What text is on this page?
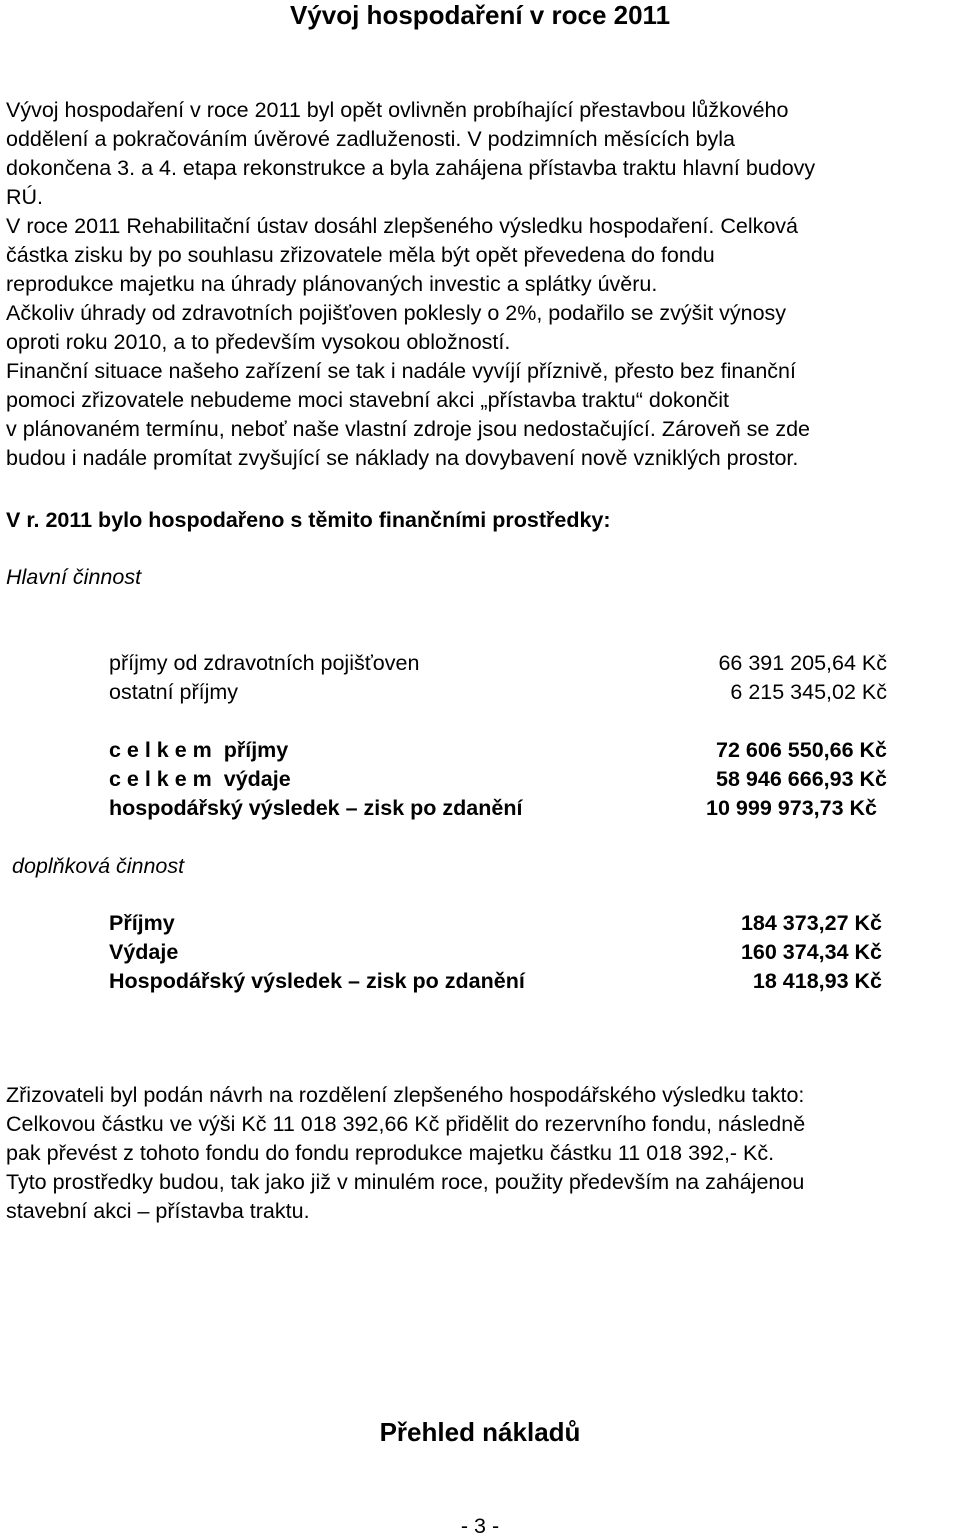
Vývoj hospodaření v roce 2011
Vývoj hospodaření v roce 2011 byl opět ovlivněn probíhající přestavbou lůžkového
oddělení a pokračováním úvěrové zadluženosti. V podzimních měsících byla
dokončena 3. a 4. etapa rekonstrukce a byla zahájena přístavba traktu hlavní budovy
RÚ.
V roce 2011 Rehabilitační ústav dosáhl zlepšeného výsledku hospodaření. Celková
částka zisku by po souhlasu zřizovatele měla být opět převedena do fondu
reprodukce majetku na úhrady plánovaných investic a splátky úvěru.
Ačkoliv úhrady od zdravotních pojišťoven poklesly o 2%, podařilo se zvýšit výnosy
oproti roku 2010, a to především vysokou obložností.
Finanční situace našeho zařízení se tak i nadále vyvíjí příznivě, přesto bez finanční
pomoci zřizovatele nebudeme moci stavební akci „přístavba traktu“ dokončit
v plánovaném termínu, neboť naše vlastní zdroje jsou nedostačující. Zároveň se zde
budou i nadále promítat zvyšující se náklady na dovybavení nově vzniklých prostor.
V r. 2011 bylo hospodařeno s těmito finančními prostředky:
Hlavní činnost
příjmy od zdravotních pojišťoven	66 391 205,64 Kč
ostatní příjmy	6 215 345,02 Kč
c e l k e m  příjmy	72 606 550,66 Kč
c e l k e m  výdaje	58 946 666,93 Kč
hospodářský výsledek – zisk po zdanění	10 999 973,73 Kč
doplňková činnost
Příjmy	184 373,27 Kč
Výdaje	160 374,34 Kč
Hospodářský výsledek – zisk po zdanění	18 418,93 Kč
Zřizovateli byl podán návrh na rozdělení zlepšeného hospodářského výsledku takto:
Celkovou částku ve výši Kč 11 018 392,66 Kč přidělit do rezervního fondu, následně
pak převést z tohoto fondu do fondu reprodukce majetku částku 11 018 392,- Kč.
Tyto prostředky budou, tak jako již v minulém roce, použity především na zahájenou
stavební akci – přístavba traktu.
Přehled nákladů
- 3 -
